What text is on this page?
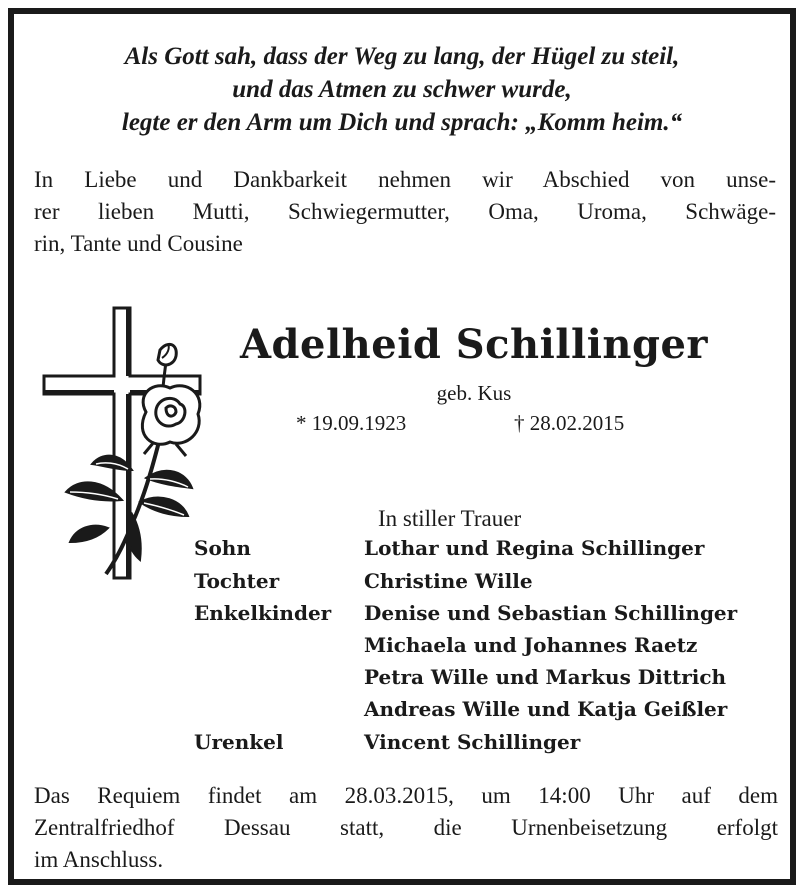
Als Gott sah, dass der Weg zu lang, der Hügel zu steil,
und das Atmen zu schwer wurde,
legte er den Arm um Dich und sprach: „Komm heim.“
In Liebe und Dankbarkeit nehmen wir Abschied von unse-
rer lieben Mutti, Schwiegermutter, Oma, Uroma, Schwäge-
rin, Tante und Cousine
Adelheid Schillinger
geb. Kus
* 19.09.1923	† 28.02.2015
In stiller Trauer
Sohn	Lothar und Regina Schillinger
Tochter	Christine Wille
Enkelkinder Denise und Sebastian Schillinger
Michaela und Johannes Raetz
Petra Wille und Markus Dittrich
Andreas Wille und Katja Geißler
Urenkel	Vincent Schillinger
Das Requiem findet am 28.03.2015, um 14:00 Uhr auf dem
Zentralfriedhof Dessau statt, die Urnenbeisetzung erfolgt
im Anschluss.
